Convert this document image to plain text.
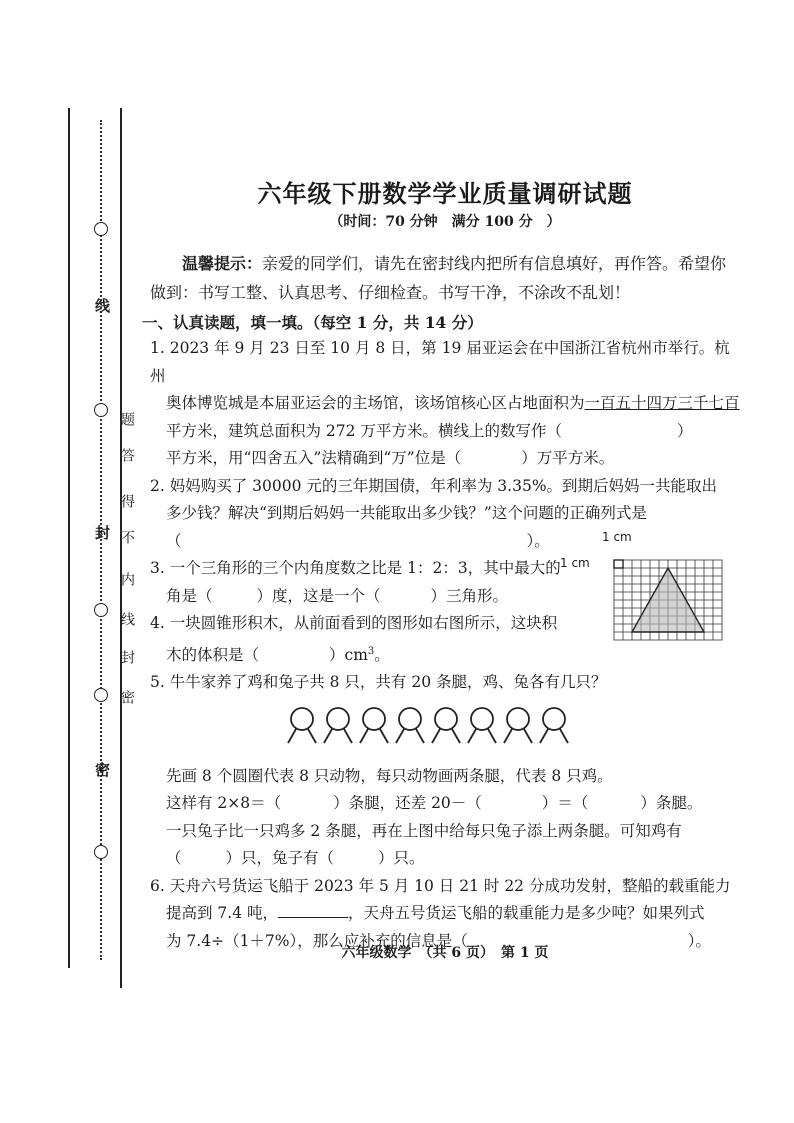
线
题
答
得
不
封
内
线
封
密
密
六年级下册数学学业质量调研试题
（时间：70 分钟　满分 100 分　）

温馨提示：亲爱的同学们，请先在密封线内把所有信息填好，再作答。希望你做到：书写工整、认真思考、仔细检查。书写干净，不涂改不乱划！

一、认真读题，填一填。（每空 1 分，共 14 分）

1. 2023 年 9 月 23 日至 10 月 8 日，第 19 届亚运会在中国浙江省杭州市举行。杭州

奥体博览城是本届亚运会的主场馆，该场馆核心区占地面积为一百五十四万三千七百

平方米，建筑总面积为 272 万平方米。横线上的数写作（	）

平方米，用“四舍五入”法精确到“万”位是（	）万平方米。

2. 妈妈购买了 30000 元的三年期国债，年利率为 3.35%。到期后妈妈一共能取出

多少钱？解决“到期后妈妈一共能取出多少钱？”这个问题的正确列式是

（	）。

3. 一个三角形的三个内角度数之比是 1：2：3，其中最大的

角是（	）度，这是一个（	）三角形。

4. 一块圆锥形积木，从前面看到的图形如右图所示，这块积

木的体积是（	）$cm^3$。

1 cm
1 cm

5. 牛牛家养了鸡和兔子共 8 只，共有 20 条腿，鸡、兔各有几只？

先画 8 个圆圈代表 8 只动物，每只动物画两条腿，代表 8 只鸡。

这样有 2×8＝（	）条腿，还差 20－（	）＝（	）条腿。

一只兔子比一只鸡多 2 条腿，再在上图中给每只兔子添上两条腿。可知鸡有

（	）只，兔子有（	）只。

6. 天舟六号货运飞船于 2023 年 5 月 10 日 21 时 22 分成功发射，整船的载重能力

提高到 7.4 吨，	，天舟五号货运飞船的载重能力是多少吨？如果列式

为 7.4÷（1＋7%），那么应补充的信息是（	）。

六年级数学　（共 6 页）　第 1 页
